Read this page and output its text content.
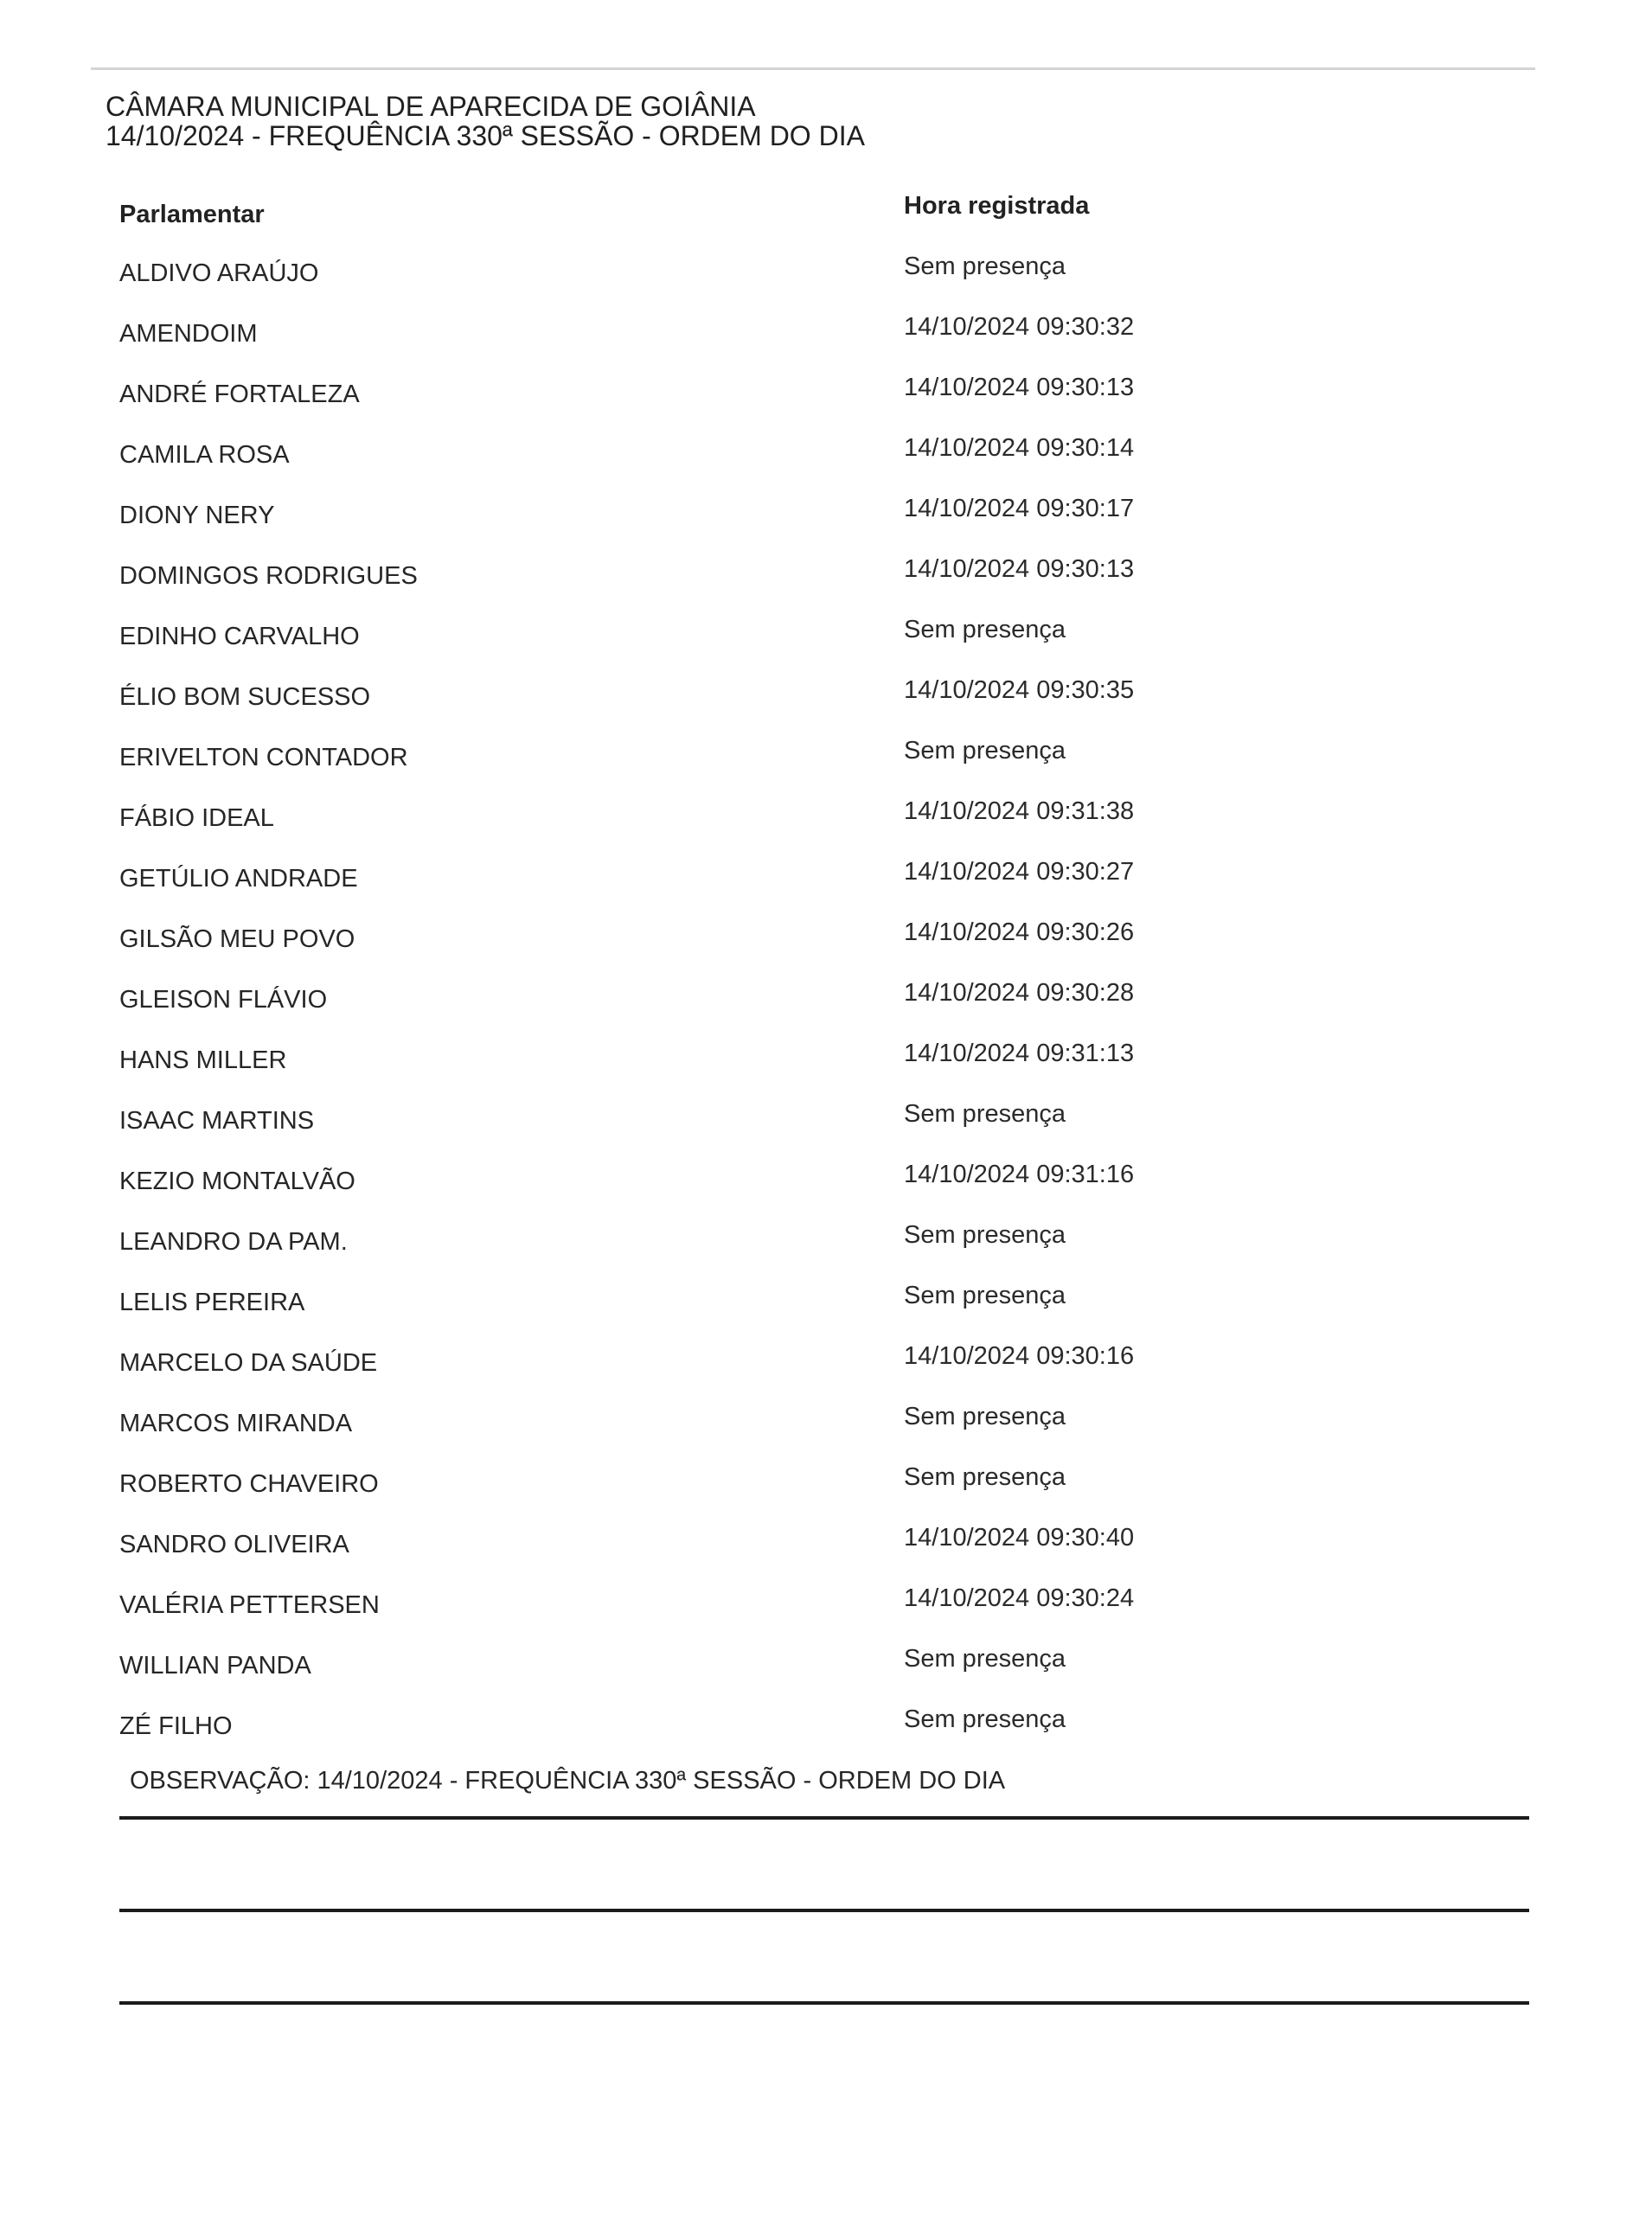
CÂMARA MUNICIPAL DE APARECIDA DE GOIÂNIA
14/10/2024 - FREQUÊNCIA 330ª SESSÃO - ORDEM DO DIA
Parlamentar	Hora registrada
ALDIVO ARAÚJO	Sem presença
AMENDOIM	14/10/2024 09:30:32
ANDRÉ FORTALEZA	14/10/2024 09:30:13
CAMILA ROSA	14/10/2024 09:30:14
DIONY NERY	14/10/2024 09:30:17
DOMINGOS RODRIGUES	14/10/2024 09:30:13
EDINHO CARVALHO	Sem presença
ÉLIO BOM SUCESSO	14/10/2024 09:30:35
ERIVELTON CONTADOR	Sem presença
FÁBIO IDEAL	14/10/2024 09:31:38
GETÚLIO ANDRADE	14/10/2024 09:30:27
GILSÃO MEU POVO	14/10/2024 09:30:26
GLEISON FLÁVIO	14/10/2024 09:30:28
HANS MILLER	14/10/2024 09:31:13
ISAAC MARTINS	Sem presença
KEZIO MONTALVÃO	14/10/2024 09:31:16
LEANDRO DA PAM.	Sem presença
LELIS PEREIRA	Sem presença
MARCELO DA SAÚDE	14/10/2024 09:30:16
MARCOS MIRANDA	Sem presença
ROBERTO CHAVEIRO	Sem presença
SANDRO OLIVEIRA	14/10/2024 09:30:40
VALÉRIA PETTERSEN	14/10/2024 09:30:24
WILLIAN PANDA	Sem presença
ZÉ FILHO	Sem presença
OBSERVAÇÃO: 14/10/2024 - FREQUÊNCIA 330ª SESSÃO - ORDEM DO DIA
